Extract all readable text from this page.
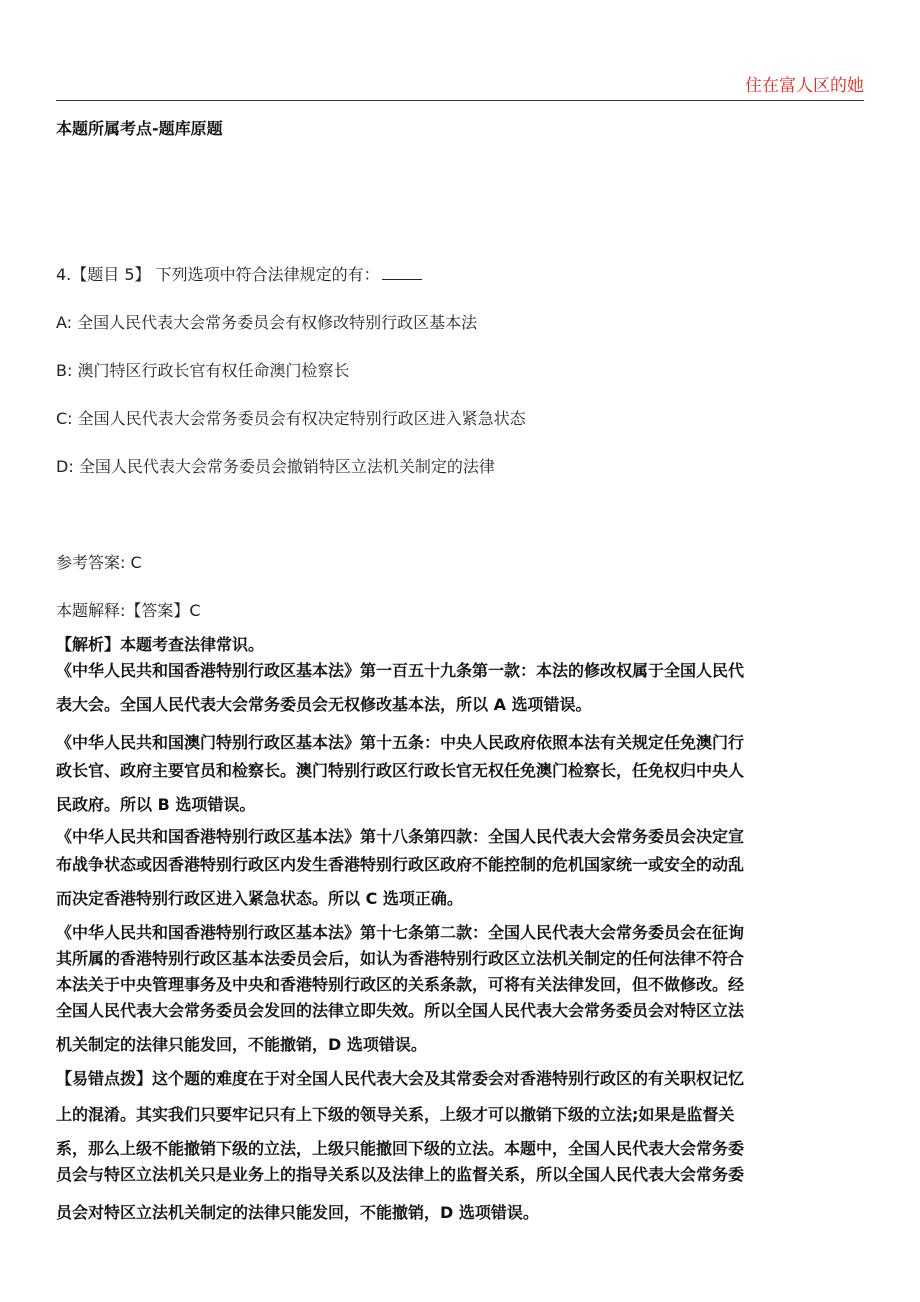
住在富人区的她
本题所属考点-题库原题
4.【题目 5】 下列选项中符合法律规定的有：
A: 全国人民代表大会常务委员会有权修改特别行政区基本法
B: 澳门特区行政长官有权任命澳门检察长
C: 全国人民代表大会常务委员会有权决定特别行政区进入紧急状态
D: 全国人民代表大会常务委员会撤销特区立法机关制定的法律
参考答案: C
本题解释:【答案】C
【解析】本题考查法律常识。
《中华人民共和国香港特别行政区基本法》第一百五十九条第一款：本法的修改权属于全国人民代
表大会。全国人民代表大会常务委员会无权修改基本法，所以 A 选项错误。
《中华人民共和国澳门特别行政区基本法》第十五条：中央人民政府依照本法有关规定任免澳门行
政长官、政府主要官员和检察长。澳门特别行政区行政长官无权任免澳门检察长，任免权归中央人
民政府。所以 B 选项错误。
《中华人民共和国香港特别行政区基本法》第十八条第四款：全国人民代表大会常务委员会决定宣
布战争状态或因香港特别行政区内发生香港特别行政区政府不能控制的危机国家统一或安全的动乱
而决定香港特别行政区进入紧急状态。所以 C 选项正确。
《中华人民共和国香港特别行政区基本法》第十七条第二款：全国人民代表大会常务委员会在征询
其所属的香港特别行政区基本法委员会后，如认为香港特别行政区立法机关制定的任何法律不符合
本法关于中央管理事务及中央和香港特别行政区的关系条款，可将有关法律发回，但不做修改。经
全国人民代表大会常务委员会发回的法律立即失效。所以全国人民代表大会常务委员会对特区立法
机关制定的法律只能发回，不能撤销，D 选项错误。
【易错点拨】这个题的难度在于对全国人民代表大会及其常委会对香港特别行政区的有关职权记忆
上的混淆。其实我们只要牢记只有上下级的领导关系，上级才可以撤销下级的立法;如果是监督关
系，那么上级不能撤销下级的立法，上级只能撤回下级的立法。本题中，全国人民代表大会常务委
员会与特区立法机关只是业务上的指导关系以及法律上的监督关系，所以全国人民代表大会常务委
员会对特区立法机关制定的法律只能发回，不能撤销，D 选项错误。
